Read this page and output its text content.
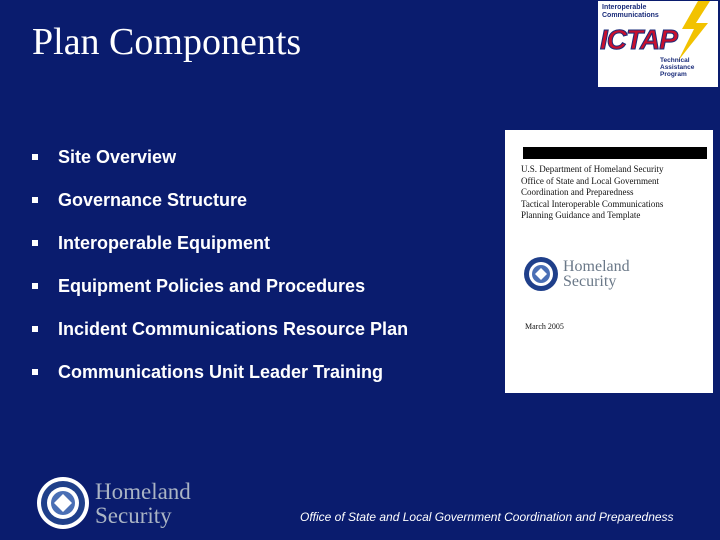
Plan Components
Interoperable Communications
ICTAP
Technical Assistance Program
Site Overview
Governance Structure
Interoperable Equipment
Equipment Policies and Procedures
Incident Communications Resource Plan
Communications Unit Leader Training
U.S. Department of Homeland Security
Office of State and Local Government
Coordination and Preparedness
Tactical Interoperable Communications
Planning Guidance and Template
Homeland
Security
March 2005
Homeland
Security	Office of State and Local Government Coordination and Preparedness
